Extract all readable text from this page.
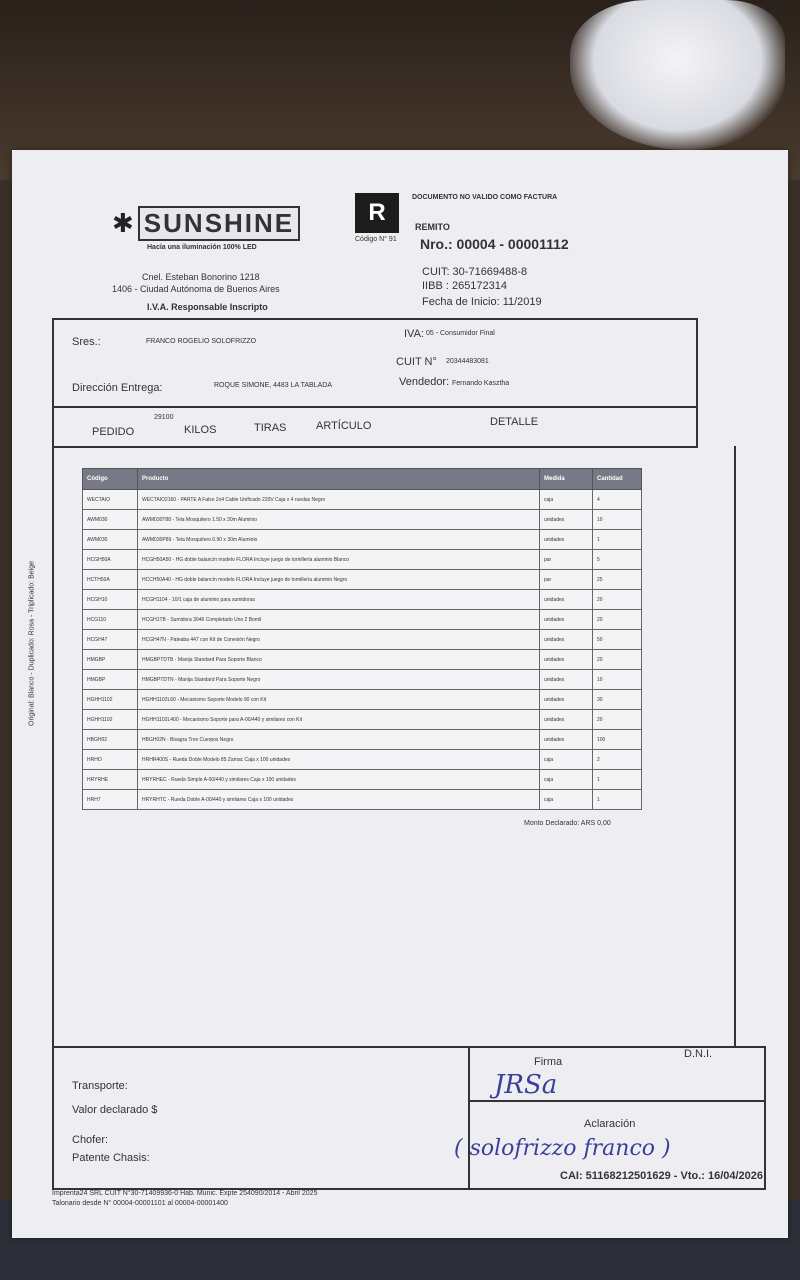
✱ SUNSHINE
Hacía una iluminación 100% LED
Cnel. Esteban Bonorino 1218
1406 - Ciudad Autónoma de Buenos Aires
I.V.A. Responsable Inscripto
R
Código N° 91
DOCUMENTO NO VALIDO COMO FACTURA
REMITO
Nro.: 00004 - 00001112
CUIT: 30-71669488-8
IIBB : 265172314
Fecha de Inicio: 11/2019
Sres.:	FRANCO ROGELIO SOLOFRIZZO
IVA: 05 - Consumidor Final
CUIT N° 20344483081
Dirección Entrega:	ROQUE SIMONE, 4483 LA TABLADA	Vendedor: Fernando Kasztha
PEDIDO
29100
KILOS	TIRAS	ARTÍCULO	DETALLE
Código	Producto	Medida	Cantidad
WECTAIO	WECTAIO2160 - PARTE A Falso 2x4 Cable Unificado 220V Caja x 4 ruedas Negro	caja	4
AWM030	AWM030T88 - Tela Mosquitero 1.50 x 30m Aluminio	unidades	10
AWM030	AWM030P89 - Tela Mosquitero 0.90 x 30m Aluminio	unidades	1
HCGH50A	HCGH50A50 - HG doble balancín modelo FLORA Incluye juego de tornillería aluminio Blanco	par	5
HCTH50A	HCCH50A40 - HG doble balancín modelo FLORA Incluye juego de tornillería aluminio Negro	par	25
HCGH10	HCGH1104 - 10/1 caja de aluminio para sumidoras	unidades	20
HCG110	HCGH1TB - Sumidora 3046 Completado Uno 2 Bomil	unidades	20
HCGH47	HCGH47N - Pateaba 447 con Kit de Conexión Negro	unidades	50
HMGBP	HMGBPTDTB - Manija Standard Para Soporte Blanco	unidades	20
HMGBP	HMGBPTDTN - Manija Standard Para Soporte Negro	unidades	10
HGHH1102	HGHH1102L60 - Mecanismo Soporte Modelo 90 con Kit	unidades	30
HGHH1102	HGHH1102L400 - Mecanismo Soporte para A-00/440 y similares con Kit	unidades	20
HBGH02	HBGH02N - Bisagra Tres Cuerpos Negro	unidades	100
HRHO	HRHR400S - Rueda Doble Modelo 85 Zamac Caja x 100 unidades	caja	2
HRYRHE	HRYRHEC - Rueda Simple A-00/440 y similares Caja x 100 unidades	caja	1
HRH7	HRYRHTC - Rueda Doble A-00/440 y similares Caja x 100 unidades	caja	1
Monto Declarado: ARS 0,00
Transporte:
Valor declarado $
Chofer:
Patente Chasis:
Firma
D.N.I.
JRSa
Aclaración
( solofrizzo franco )
CAI: 51168212501629 - Vto.: 16/04/2026
Imprenta24 SRL CUIT N°30-71409936-0 Hab. Munic. Expte 254090/2014 - Abril 2025
Talonario desde N° 00004-00001101 al 00004-00001400
Original: Blanco - Duplicado: Rosa - Triplicado: Beige
